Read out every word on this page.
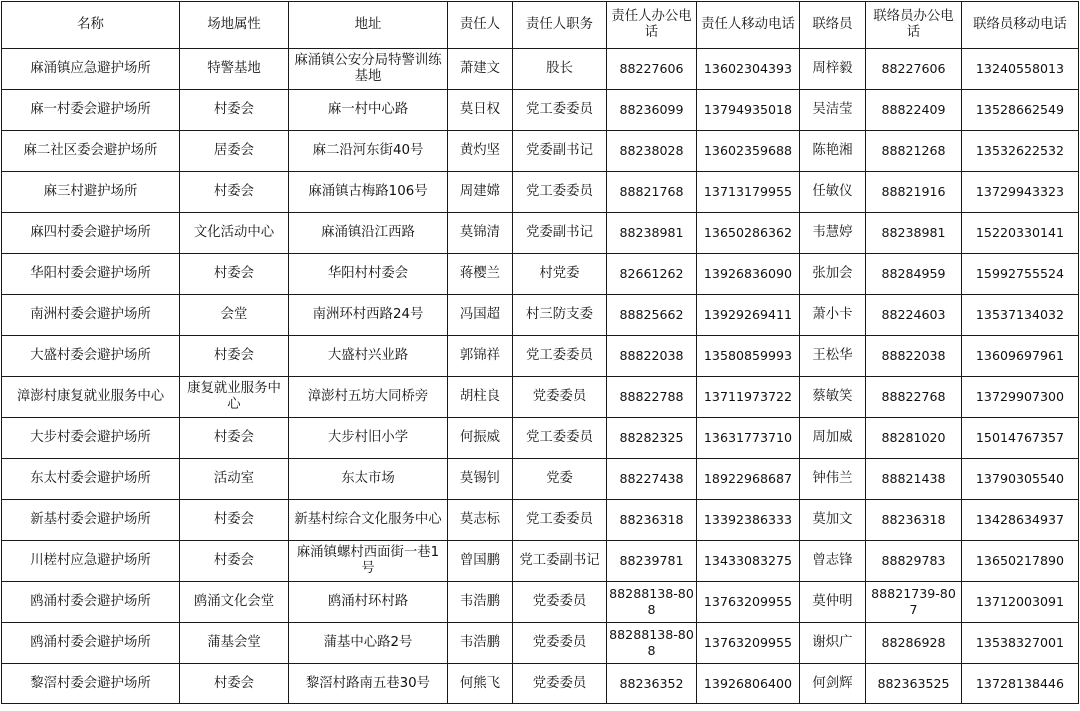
名称	场地属性	地址	责任人	责任人职务	责任人办公电话	责任人移动电话	联络员	联络员办公电话	联络员移动电话
麻涌镇应急避护场所	特警基地	麻涌镇公安分局特警训练基地	萧建文	股长	88227606	13602304393	周梓毅	88227606	13240558013
麻一村委会避护场所	村委会	麻一村中心路	莫日权	党工委委员	88236099	13794935018	吴洁莹	88822409	13528662549
麻二社区委会避护场所	居委会	麻二沿河东街40号	黄灼坚	党委副书记	88238028	13602359688	陈艳湘	88821268	13532622532
麻三村避护场所	村委会	麻涌镇古梅路106号	周建嫦	党工委委员	88821768	13713179955	任敏仪	88821916	13729943323
麻四村委会避护场所	文化活动中心	麻涌镇沿江西路	莫锦清	党委副书记	88238981	13650286362	韦慧婷	88238981	15220330141
华阳村委会避护场所	村委会	华阳村村委会	蒋樱兰	村党委	82661262	13926836090	张加会	88284959	15992755524
南洲村委会避护场所	会堂	南洲环村西路24号	冯国超	村三防支委	88825662	13929269411	萧小卡	88224603	13537134032
大盛村委会避护场所	村委会	大盛村兴业路	郭锦祥	党工委委员	88822038	13580859993	王松华	88822038	13609697961
漳澎村康复就业服务中心	康复就业服务中心	漳澎村五坊大同桥旁	胡柱良	党委委员	88822788	13711973722	蔡敏笑	88822768	13729907300
大步村委会避护场所	村委会	大步村旧小学	何振威	党工委委员	88282325	13631773710	周加威	88281020	15014767357
东太村委会避护场所	活动室	东太市场	莫锡钊	党委	88227438	18922968687	钟伟兰	88821438	13790305540
新基村委会避护场所	村委会	新基村综合文化服务中心	莫志标	党工委委员	88236318	13392386333	莫加文	88236318	13428634937
川槎村应急避护场所	村委会	麻涌镇螺村西面街一巷1号	曾国鹏	党工委副书记	88239781	13433083275	曾志锋	88829783	13650217890
鸥涌村委会避护场所	鸥涌文化会堂	鸥涌村环村路	韦浩鹏	党委委员	88288138-808	13763209955	莫仲明	88821739-807	13712003091
鸥涌村委会避护场所	蒲基会堂	蒲基中心路2号	韦浩鹏	党委委员	88288138-808	13763209955	谢炽广	88286928	13538327001
黎滘村委会避护场所	村委会	黎滘村路南五巷30号	何熊飞	党委委员	88236352	13926806400	何剑辉	882363525	13728138446
